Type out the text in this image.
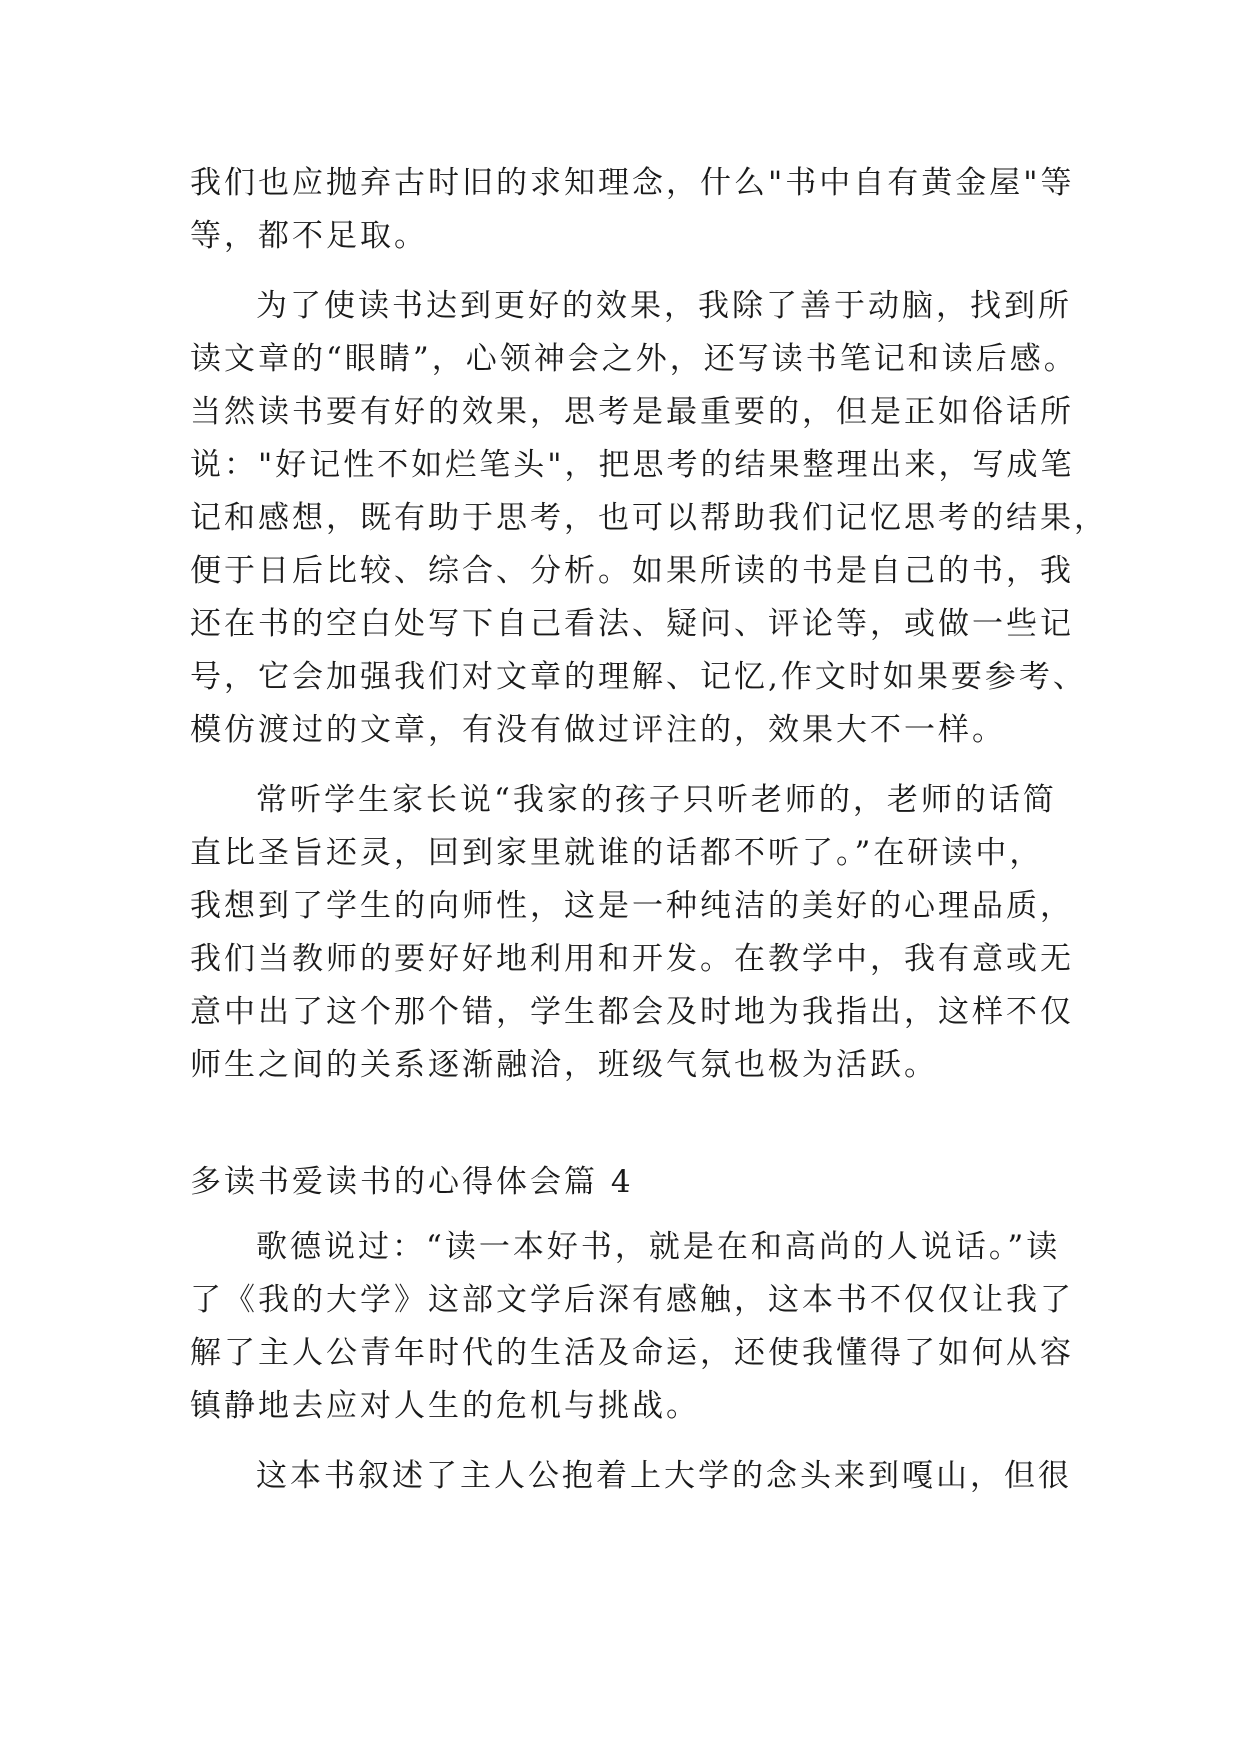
我们也应抛弃古时旧的求知理念，什么"书中自有黄金屋"等
等，都不足取。
为了使读书达到更好的效果，我除了善于动脑，找到所
读文章的“眼睛”，心领神会之外，还写读书笔记和读后感。
当然读书要有好的效果，思考是最重要的，但是正如俗话所
说："好记性不如烂笔头"，把思考的结果整理出来，写成笔
记和感想，既有助于思考，也可以帮助我们记忆思考的结果，
便于日后比较、综合、分析。如果所读的书是自己的书，我
还在书的空白处写下自己看法、疑问、评论等，或做一些记
号，它会加强我们对文章的理解、记忆,作文时如果要参考、
模仿渡过的文章，有没有做过评注的，效果大不一样。
常听学生家长说“我家的孩子只听老师的，老师的话简
直比圣旨还灵，回到家里就谁的话都不听了。”在研读中，
我想到了学生的向师性，这是一种纯洁的美好的心理品质，
我们当教师的要好好地利用和开发。在教学中，我有意或无
意中出了这个那个错，学生都会及时地为我指出，这样不仅
师生之间的关系逐渐融洽，班级气氛也极为活跃。
多读书爱读书的心得体会篇 4
歌德说过：“读一本好书，就是在和高尚的人说话。”读
了《我的大学》这部文学后深有感触，这本书不仅仅让我了
解了主人公青年时代的生活及命运，还使我懂得了如何从容
镇静地去应对人生的危机与挑战。
这本书叙述了主人公抱着上大学的念头来到嘎山，但很
